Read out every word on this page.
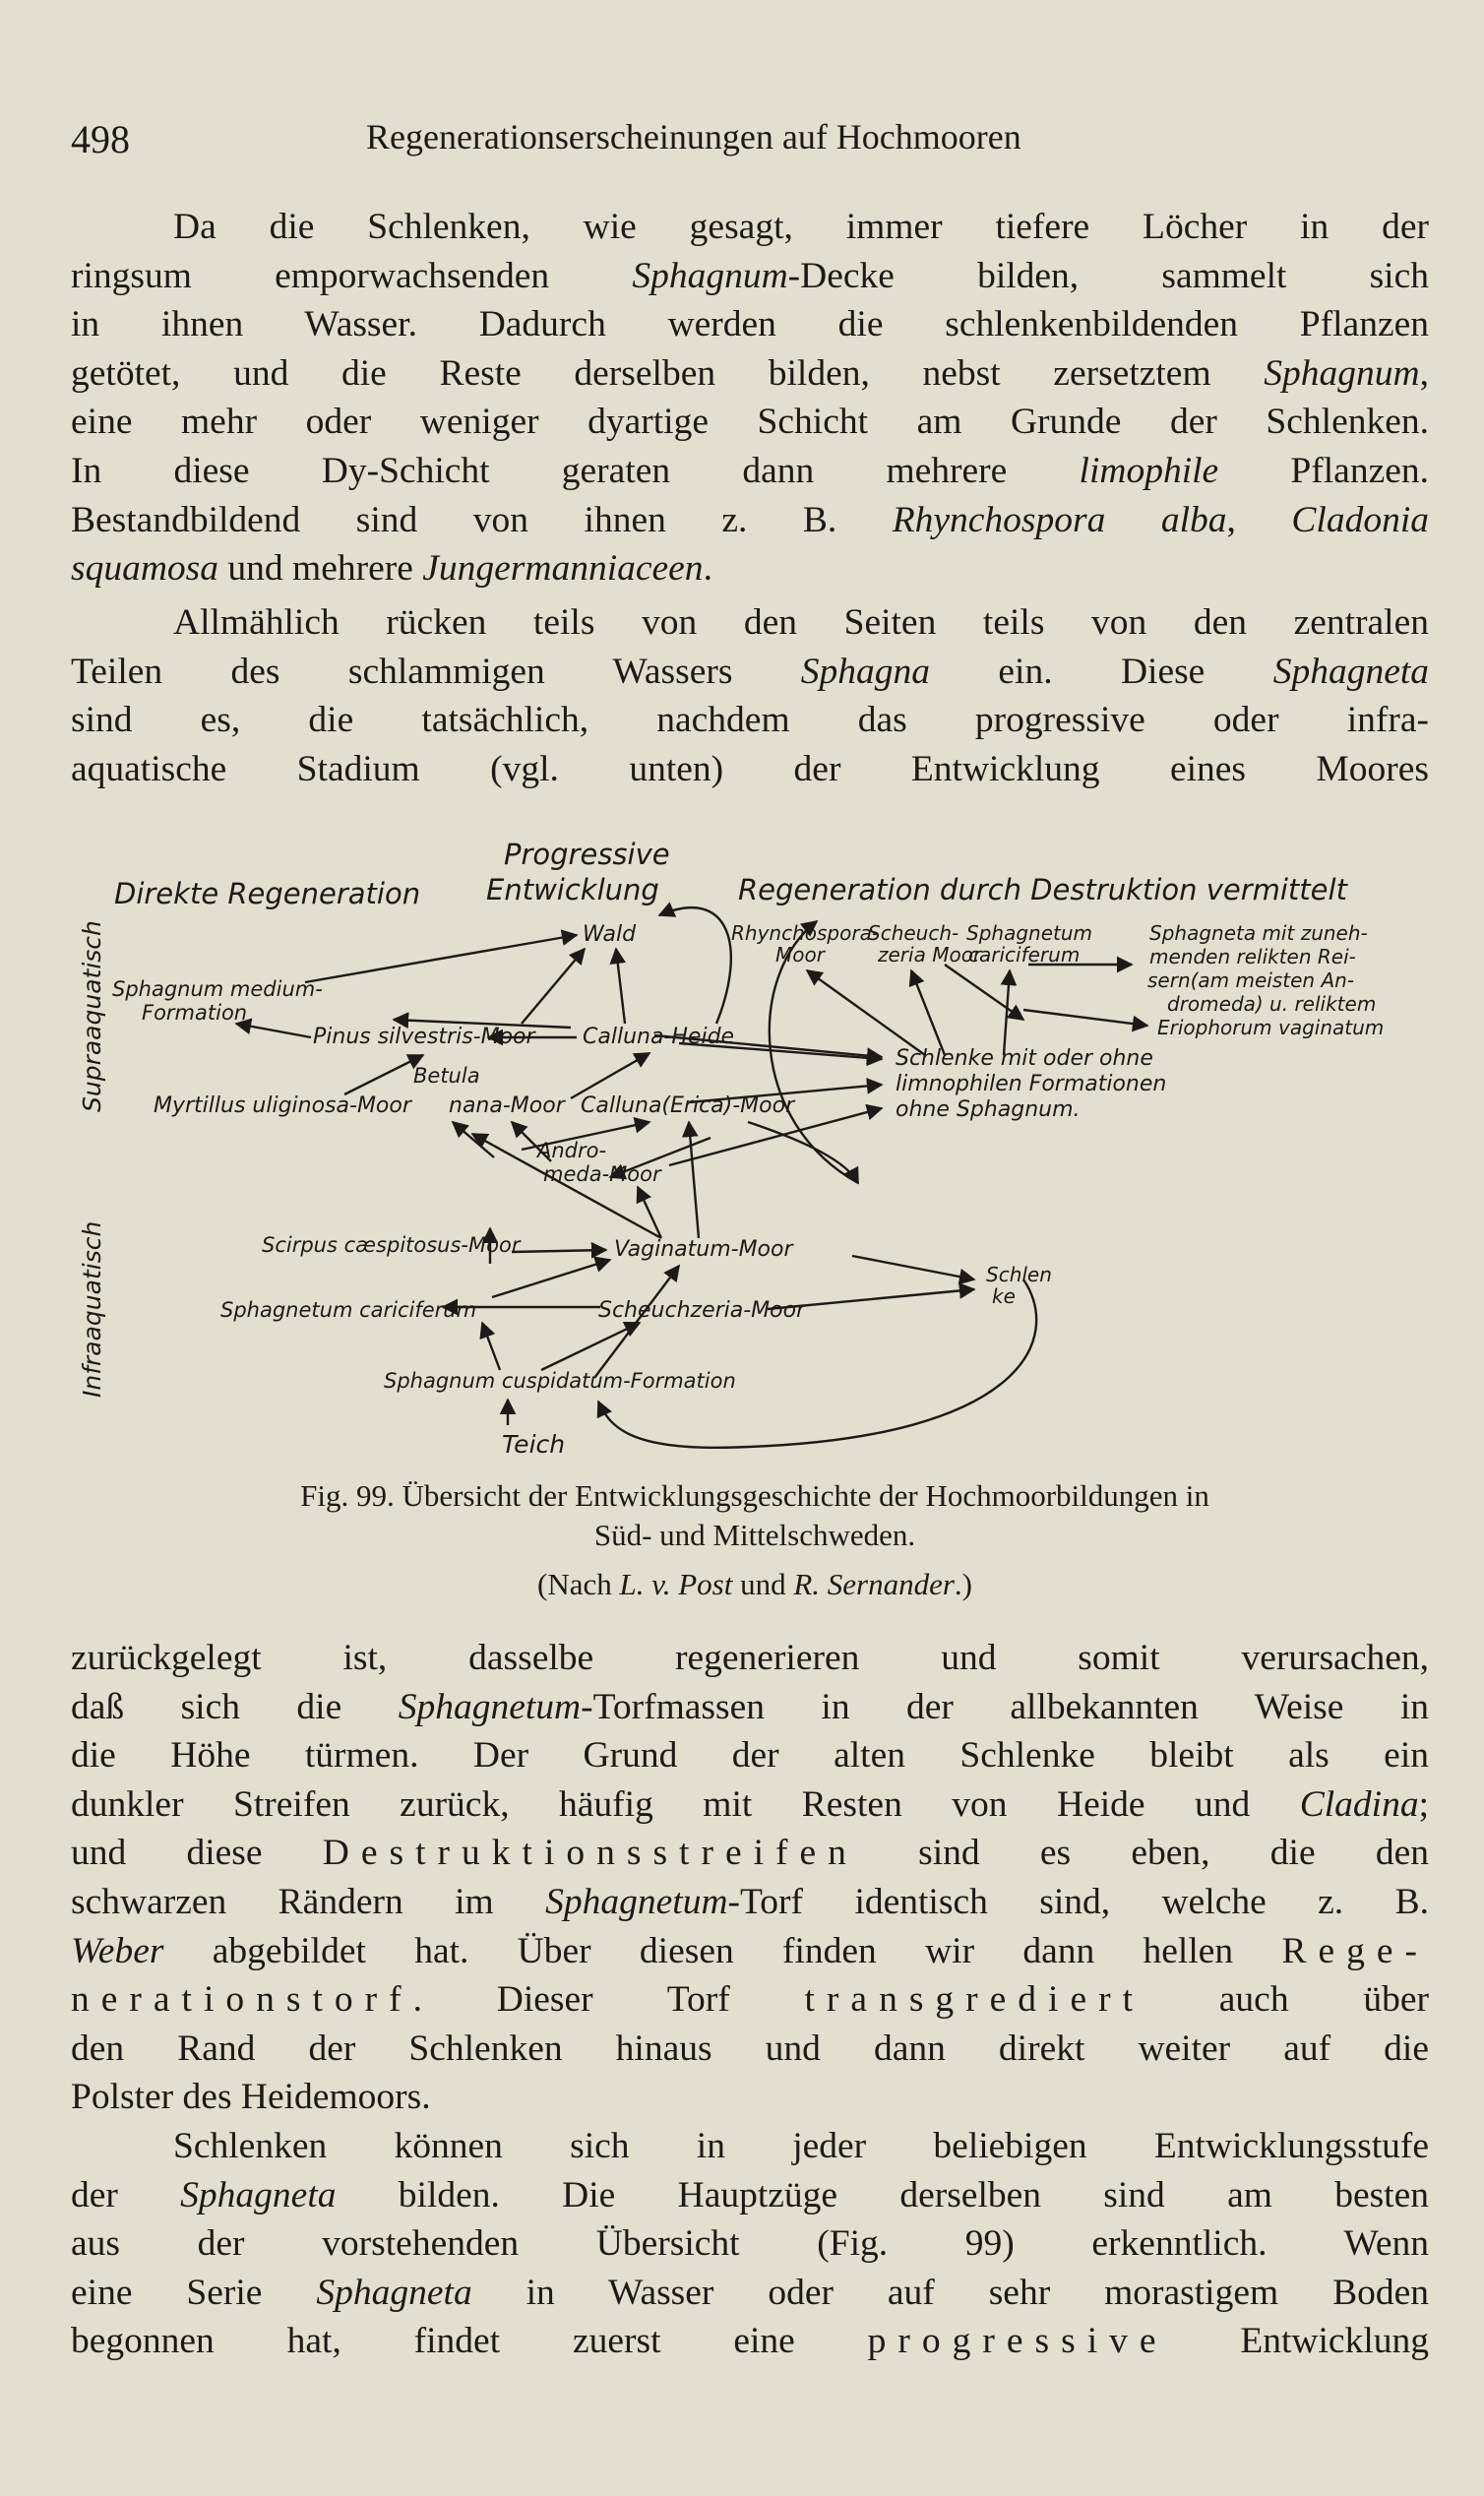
498	Regenerationserscheinungen auf Hochmooren
Da die Schlenken, wie gesagt, immer tiefere Löcher in der
ringsum emporwachsenden Sphagnum-Decke bilden, sammelt sich
in ihnen Wasser. Dadurch werden die schlenkenbildenden Pflanzen
getötet, und die Reste derselben bilden, nebst zersetztem Sphagnum,
eine mehr oder weniger dyartige Schicht am Grunde der Schlenken.
In diese Dy-Schicht geraten dann mehrere limophile Pflanzen.
Bestandbildend sind von ihnen z. B. Rhynchospora alba, Cladonia
squamosa und mehrere Jungermanniaceen.
Allmählich rücken teils von den Seiten teils von den zentralen
Teilen des schlammigen Wassers Sphagna ein. Diese Sphagneta
sind es, die tatsächlich, nachdem das progressive oder infra-
aquatische Stadium (vgl. unten) der Entwicklung eines Moores
Direkte Regeneration
Progressive
Entwicklung	Regeneration durch Destruktion vermittelt
Supraaquatisch
Infraaquatisch
Wald
Sphagnum medium-
Formation
Pinus silvestris-Moor Calluna-Heide
Betula
Myrtillus uliginosa-Moor nana-Moor Calluna(Erica)-Moor
Andro-
meda-Moor
Scirpus cæspitosus-Moor	Vaginatum-Moor
Sphagnetum cariciferum	Scheuchzeria-Moor
Sphagnum cuspidatum-Formation
Teich
Schlen
ke
Rhynchospora-
Moor
Scheuch-
zeria Moor
Sphagnetum
cariciferum
Sphagneta mit zuneh-
menden relikten Rei-
sern(am meisten An-
dromeda) u. reliktem
Eriophorum vaginatum
Schlenke mit oder ohne
limnophilen Formationen
ohne Sphagnum.
Fig. 99. Übersicht der Entwicklungsgeschichte der Hochmoorbildungen in
Süd- und Mittelschweden.
(Nach L. v. Post und R. Sernander.)
zurückgelegt ist, dasselbe regenerieren und somit verursachen,
daß sich die Sphagnetum-Torfmassen in der allbekannten Weise in
die Höhe türmen. Der Grund der alten Schlenke bleibt als ein
dunkler Streifen zurück, häufig mit Resten von Heide und Cladina;
und diese Destruktionsstreifen sind es eben, die den
schwarzen Rändern im Sphagnetum-Torf identisch sind, welche z. B.
Weber abgebildet hat. Über diesen finden wir dann hellen Rege-
nerationstorf. Dieser Torf transgrediert auch über
den Rand der Schlenken hinaus und dann direkt weiter auf die
Polster des Heidemoors.
Schlenken können sich in jeder beliebigen Entwicklungsstufe
der Sphagneta bilden. Die Hauptzüge derselben sind am besten
aus der vorstehenden Übersicht (Fig. 99) erkenntlich. Wenn
eine Serie Sphagneta in Wasser oder auf sehr morastigem Boden
begonnen hat, findet zuerst eine progressive Entwicklung
